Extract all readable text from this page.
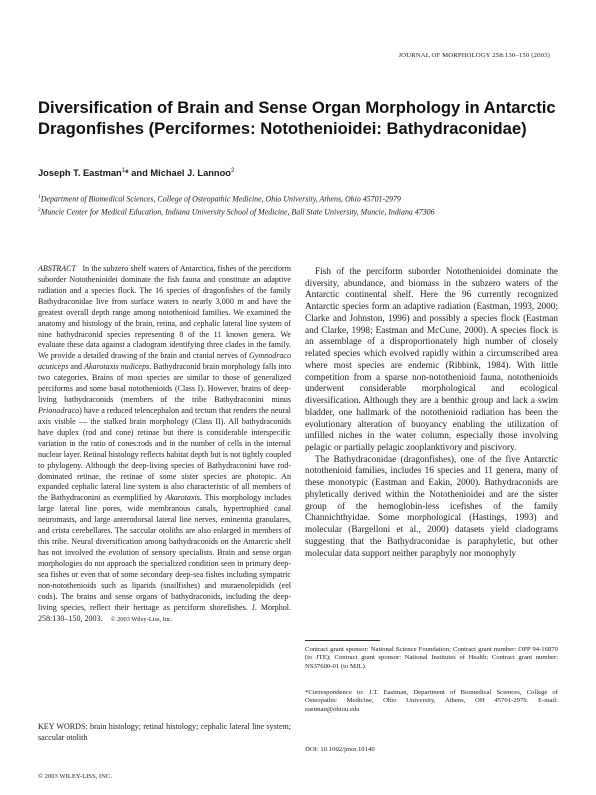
JOURNAL OF MORPHOLOGY 258:130–150 (2003)
Diversification of Brain and Sense Organ Morphology in Antarctic Dragonfishes (Perciformes: Notothenioidei: Bathydraconidae)
Joseph T. Eastman$^1$* and Michael J. Lannoo$^2$
$^1$Department of Biomedical Sciences, College of Osteopathic Medicine, Ohio University, Athens, Ohio 45701-2979
$^2$Muncie Center for Medical Education, Indiana University School of Medicine, Ball State University, Muncie, Indiana 47306

ABSTRACT In the subzero shelf waters of Antarctica, fishes of the perciform suborder Notothenioidei dominate the fish fauna and constitute an adaptive radiation and a species flock. The 16 species of dragonfishes of the family Bathydraconidae live from surface waters to nearly 3,000 m and have the greatest overall depth range among notothenioid families. We examined the anatomy and histology of the brain, retina, and cephalic lateral line system of nine bathydraconid species representing 8 of the 11 known genera. We evaluate these data against a cladogram identifying three clades in the family. We provide a detailed drawing of the brain and cranial nerves of Gymnodraco acuticeps and Akarotaxis nudiceps. Bathydraconid brain morphology falls into two categories. Brains of most species are similar to those of generalized perciforms and some basal notothenioids (Class I). However, brains of deep-living bathydraconids (members of the tribe Bathydraconini minus Prionodraco) have a reduced telencephalon and tectum that renders the neural axis visible — the stalked brain morphology (Class II). All bathydraconids have duplex (rod and cone) retinae but there is considerable interspecific variation in the ratio of cones:rods and in the number of cells in the internal nuclear layer. Retinal histology reflects habitat depth but is not tightly coupled to phylogeny. Although the deep-living species of Bathydraconini have rod-dominated retinae, the retinae of some sister species are photopic. An expanded cephalic lateral line system is also characteristic of all members of the Bathydraconini as exemplified by Akarotaxis. This morphology includes large lateral line pores, wide membranous canals, hypertrophied canal neuromasts, and large anterodorsal lateral line nerves, eminentia granulares, and crista cerebellares. The saccular otoliths are also enlarged in members of this tribe. Neural diversification among bathydraconids on the Antarctic shelf has not involved the evolution of sensory specialists. Brain and sense organ morphologies do not approach the specialized condition seen in primary deep-sea fishes or even that of some secondary deep-sea fishes including sympatric non-notothenioids such as liparids (snailfishes) and muraenolepidids (eel cods). The brains and sense organs of bathydraconids, including the deep-living species, reflect their heritage as perciform shorefishes. J. Morphol. 258:130–150, 2003. © 2003 Wiley-Liss, Inc.

KEY WORDS: brain histology; retinal histology; cephalic lateral line system; saccular otolith

© 2003 WILEY-LISS, INC.

Fish of the perciform suborder Notothenioidei dominate the diversity, abundance, and biomass in the subzero waters of the Antarctic continental shelf. Here the 96 currently recognized Antarctic species form an adaptive radiation (Eastman, 1993, 2000; Clarke and Johnston, 1996) and possibly a species flock (Eastman and Clarke, 1998; Eastman and McCune, 2000). A species flock is an assemblage of a disproportionately high number of closely related species which evolved rapidly within a circumscribed area where most species are endemic (Ribbink, 1984). With little competition from a sparse non-notothenioid fauna, notothenioids underwent considerable morphological and ecological diversification. Although they are a benthic group and lack a swim bladder, one hallmark of the notothenioid radiation has been the evolutionary alteration of buoyancy enabling the utilization of unfilled niches in the water column, especially those involving pelagic or partially pelagic zooplanktivory and piscivory.

The Bathydraconidae (dragonfishes), one of the five Antarctic notothenioid families, includes 16 species and 11 genera, many of these monotypic (Eastman and Eakin, 2000). Bathydraconids are phyletically derived within the Notothenioidei and are the sister group of the hemoglobin-less icefishes of the family Channichthyidae. Some morphological (Hastings, 1993) and molecular (Bargelloni et al., 2000) datasets yield cladograms suggesting that the Bathydraconidae is paraphyletic, but other molecular data support neither paraphyly nor monophyly

Contract grant sponsor: National Science Foundation; Contract grant number: OPP 94-16870 (to JTE); Contract grant sponsor: National Institutes of Health; Contract grant number: NS37600-01 (to MJL).

*Correspondence to: J.T. Eastman, Department of Biomedical Sciences, College of Osteopathic Medicine, Ohio University, Athens, OH 45701-2979. E-mail: eastman@ohiou.edu

DOI: 10.1002/jmor.10140
